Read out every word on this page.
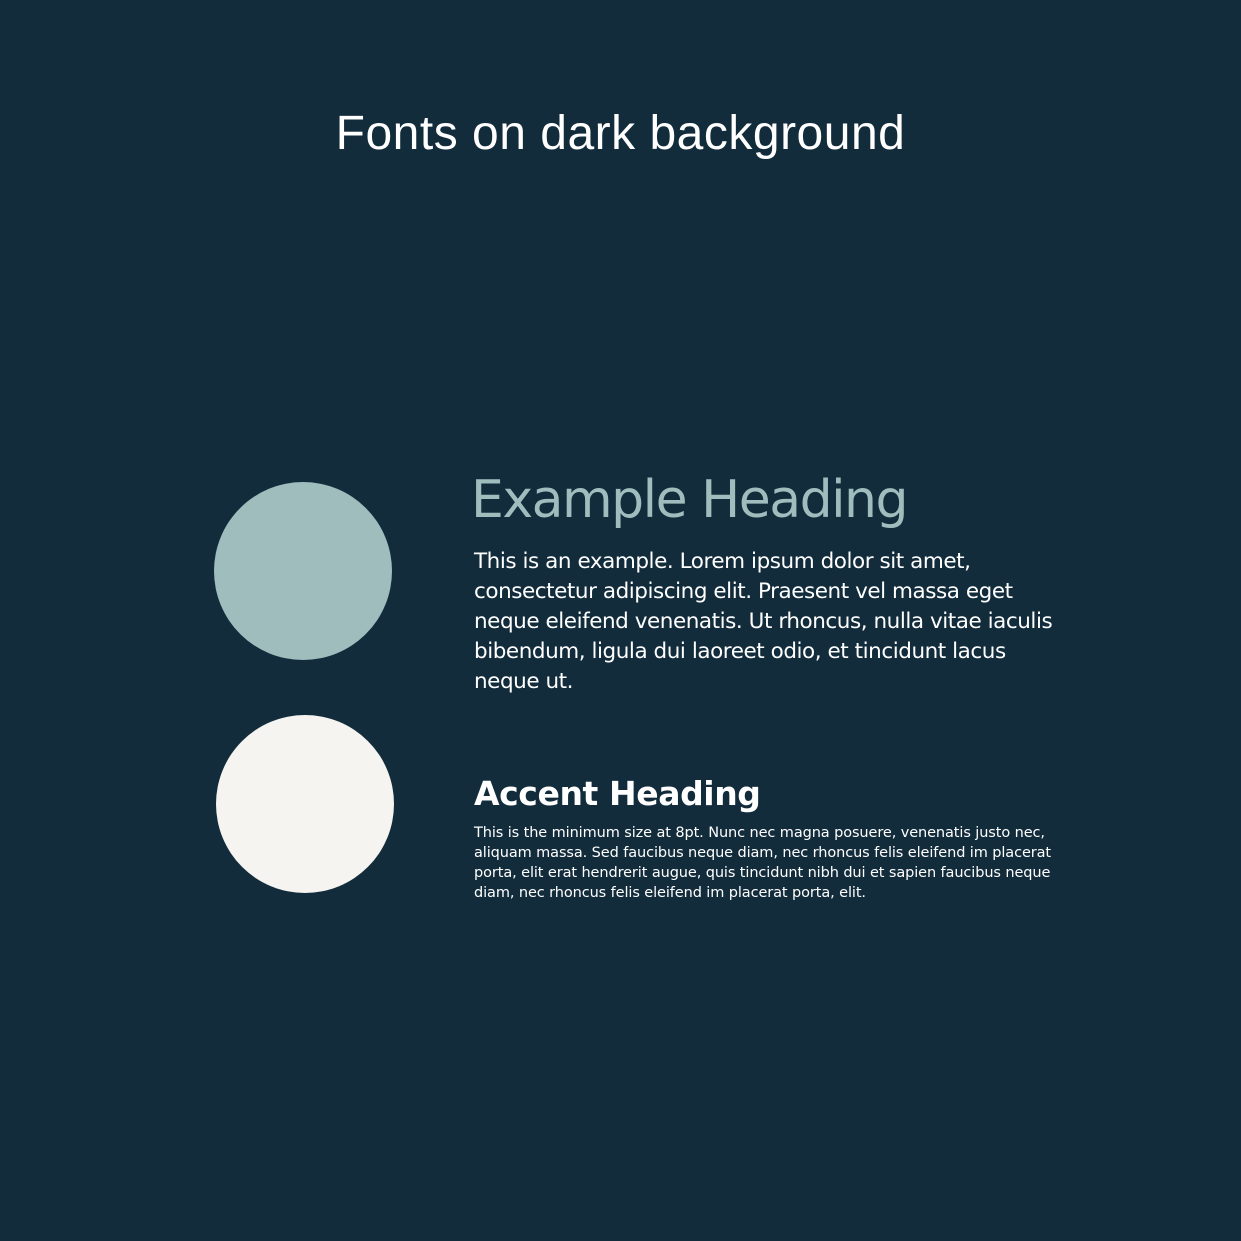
Fonts on dark background
Example Heading

This is an example. Lorem ipsum dolor sit amet, consectetur adipiscing elit. Praesent vel massa eget neque eleifend venenatis. Ut rhoncus, nulla vitae iaculis bibendum, ligula dui laoreet odio, et tincidunt lacus neque ut.

Accent Heading

This is the minimum size at 8pt. Nunc nec magna posuere, venenatis justo nec, aliquam massa. Sed faucibus neque diam, nec rhoncus felis eleifend im placerat porta, elit erat hendrerit augue, quis tincidunt nibh dui et sapien faucibus neque diam, nec rhoncus felis eleifend im placerat porta, elit.
